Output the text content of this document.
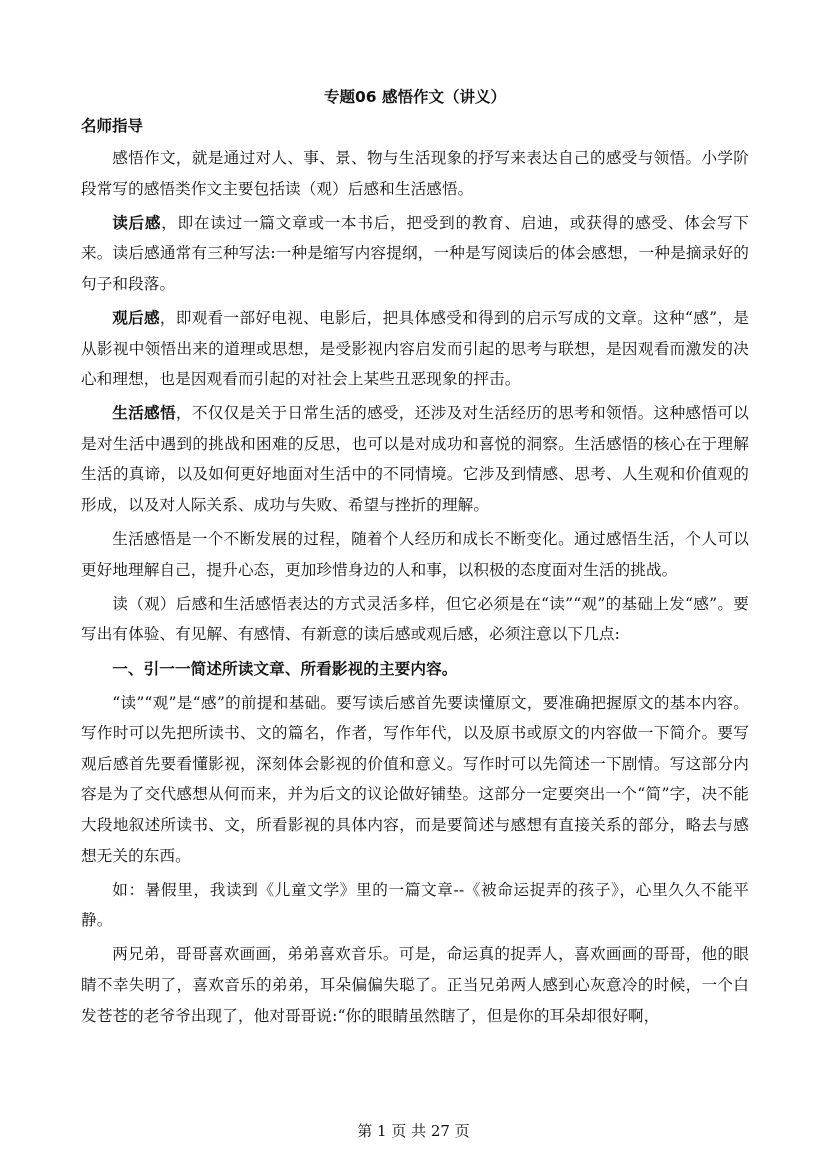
专题06 感悟作文（讲义）
名师指导

感悟作文，就是通过对人、事、景、物与生活现象的抒写来表达自己的感受与领悟。小学阶段常写的感悟类作文主要包括读（观）后感和生活感悟。

读后感，即在读过一篇文章或一本书后，把受到的教育、启迪，或获得的感受、体会写下来。读后感通常有三种写法:一种是缩写内容提纲，一种是写阅读后的体会感想，一种是摘录好的句子和段落。

观后感，即观看一部好电视、电影后，把具体感受和得到的启示写成的文章。这种“感”，是从影视中领悟出来的道理或思想，是受影视内容启发而引起的思考与联想，是因观看而激发的决心和理想，也是因观看而引起的对社会上某些丑恶现象的抨击。

生活感悟，不仅仅是关于日常生活的感受，还涉及对生活经历的思考和领悟。这种感悟可以是对生活中遇到的挑战和困难的反思，也可以是对成功和喜悦的洞察。生活感悟的核心在于理解生活的真谛，以及如何更好地面对生活中的不同情境。它涉及到情感、思考、人生观和价值观的形成，以及对人际关系、成功与失败、希望与挫折的理解。

生活感悟是一个不断发展的过程，随着个人经历和成长不断变化。通过感悟生活，个人可以更好地理解自己，提升心态，更加珍惜身边的人和事，以积极的态度面对生活的挑战。

读（观）后感和生活感悟表达的方式灵活多样，但它必须是在“读”“观”的基础上发“感”。要写出有体验、有见解、有感情、有新意的读后感或观后感，必须注意以下几点:

一、引一一简述所读文章、所看影视的主要内容。

“读”“观”是“感”的前提和基础。要写读后感首先要读懂原文，要准确把握原文的基本内容。写作时可以先把所读书、文的篇名，作者，写作年代，以及原书或原文的内容做一下简介。要写观后感首先要看懂影视，深刻体会影视的价值和意义。写作时可以先简述一下剧情。写这部分内容是为了交代感想从何而来，并为后文的议论做好铺垫。这部分一定要突出一个“简”字，决不能大段地叙述所读书、文，所看影视的具体内容，而是要简述与感想有直接关系的部分，略去与感想无关的东西。

如：暑假里，我读到《儿童文学》里的一篇文章--《被命运捉弄的孩子》，心里久久不能平静。

两兄弟，哥哥喜欢画画，弟弟喜欢音乐。可是，命运真的捉弄人，喜欢画画的哥哥，他的眼睛不幸失明了，喜欢音乐的弟弟，耳朵偏偏失聪了。正当兄弟两人感到心灰意冷的时候，一个白发苍苍的老爷爷出现了，他对哥哥说:“你的眼睛虽然瞎了，但是你的耳朵却很好啊，

第 1 页 共 27 页
